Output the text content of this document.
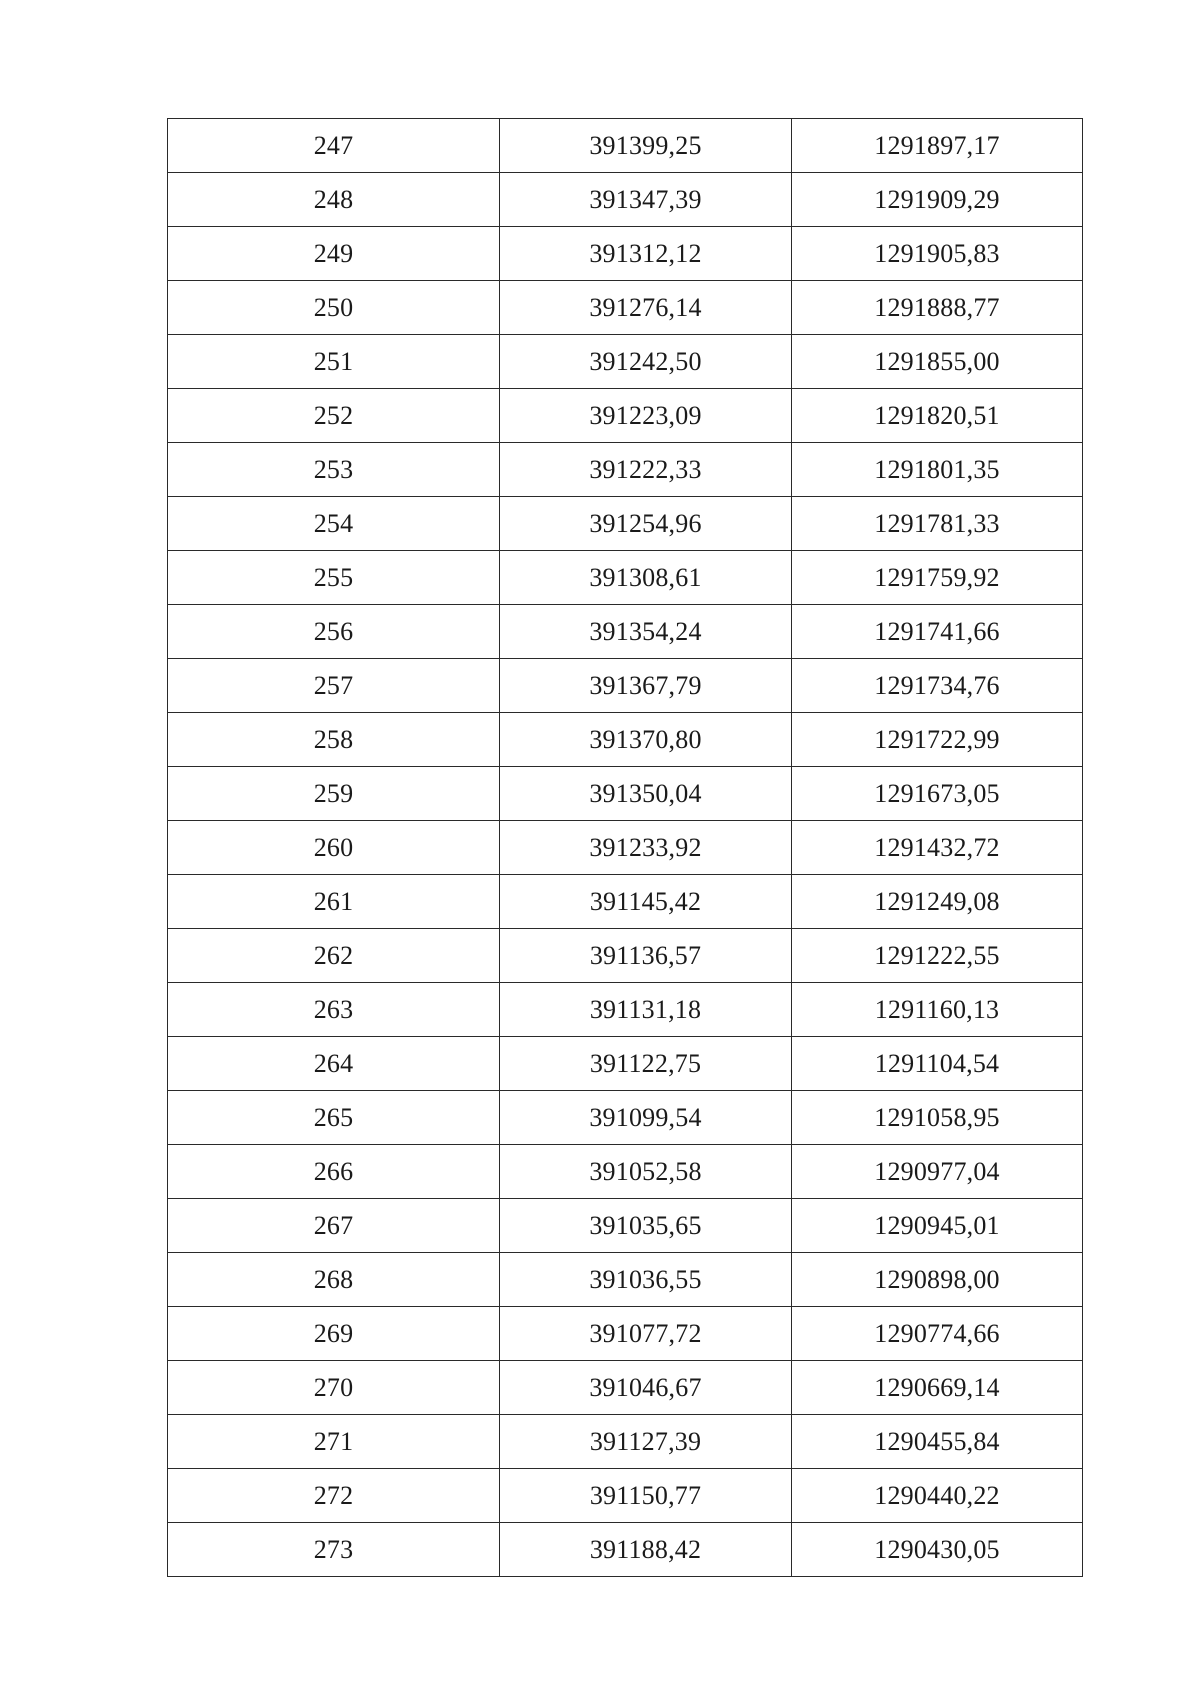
247	391399,25	1291897,17
248	391347,39	1291909,29
249	391312,12	1291905,83
250	391276,14	1291888,77
251	391242,50	1291855,00
252	391223,09	1291820,51
253	391222,33	1291801,35
254	391254,96	1291781,33
255	391308,61	1291759,92
256	391354,24	1291741,66
257	391367,79	1291734,76
258	391370,80	1291722,99
259	391350,04	1291673,05
260	391233,92	1291432,72
261	391145,42	1291249,08
262	391136,57	1291222,55
263	391131,18	1291160,13
264	391122,75	1291104,54
265	391099,54	1291058,95
266	391052,58	1290977,04
267	391035,65	1290945,01
268	391036,55	1290898,00
269	391077,72	1290774,66
270	391046,67	1290669,14
271	391127,39	1290455,84
272	391150,77	1290440,22
273	391188,42	1290430,05
